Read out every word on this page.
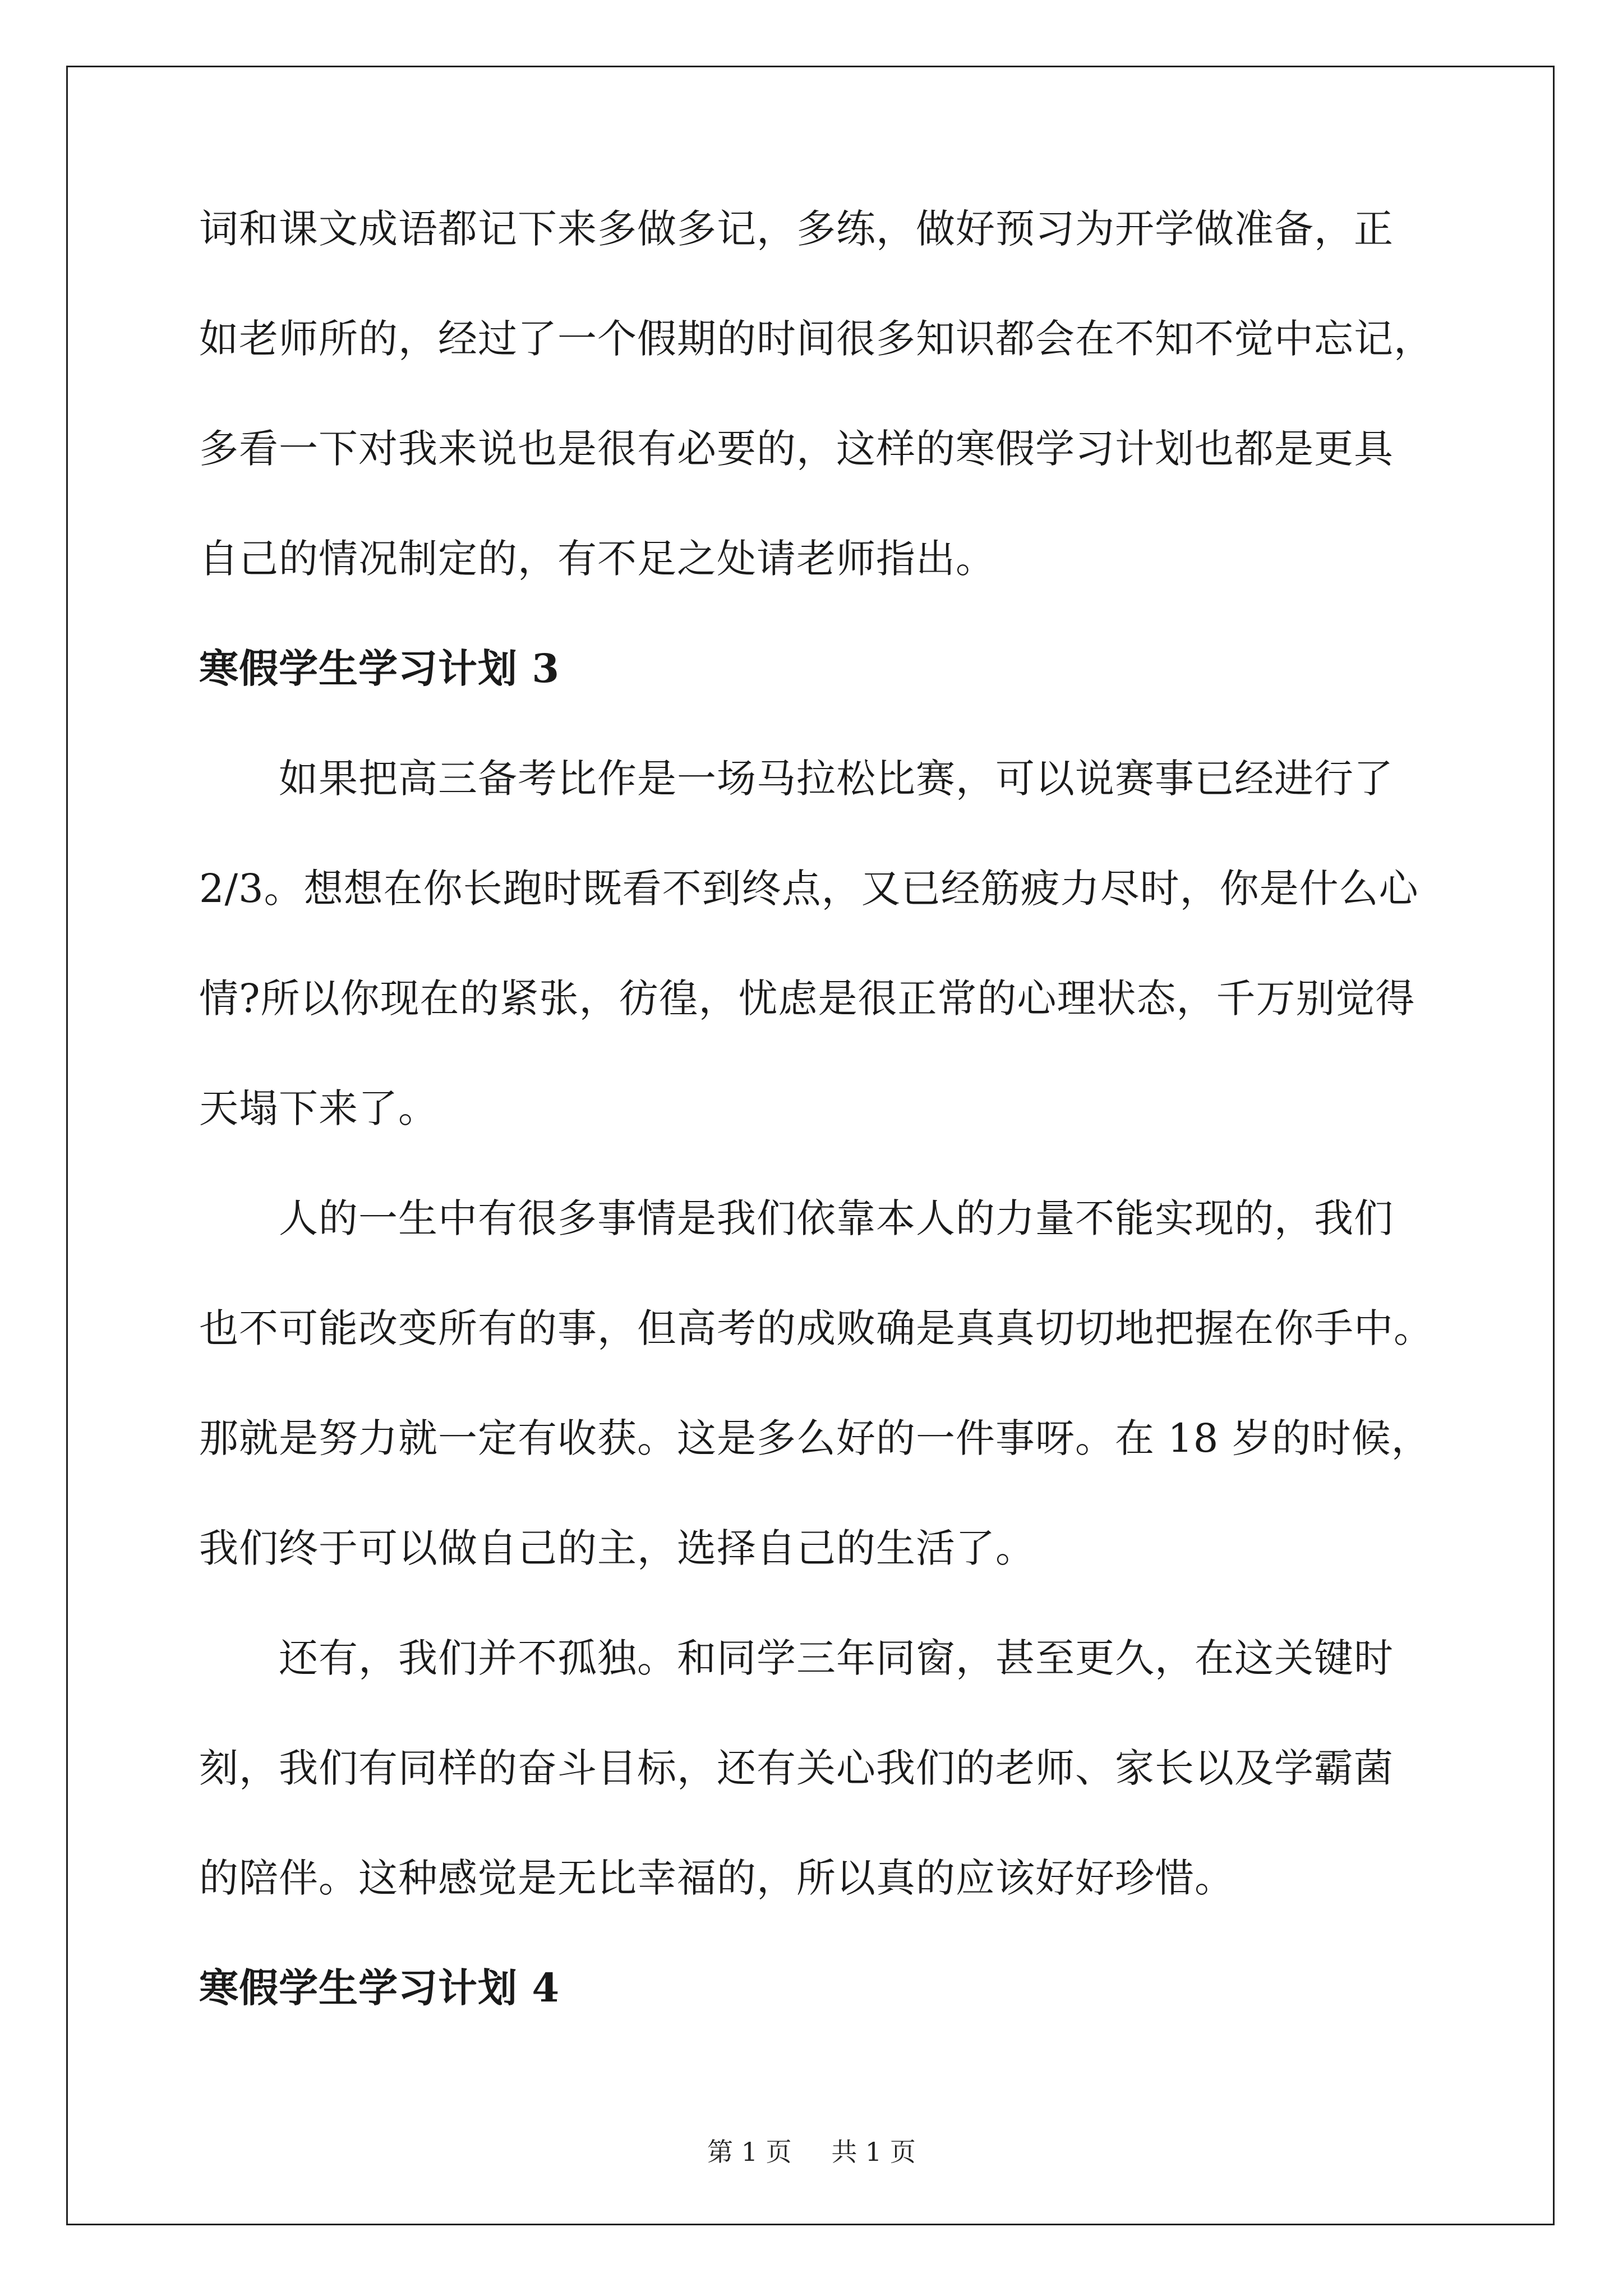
词和课文成语都记下来多做多记，多练，做好预习为开学做准备，正

如老师所的，经过了一个假期的时间很多知识都会在不知不觉中忘记，

多看一下对我来说也是很有必要的，这样的寒假学习计划也都是更具

自己的情况制定的，有不足之处请老师指出。

寒假学生学习计划 3

如果把高三备考比作是一场马拉松比赛，可以说赛事已经进行了

2/3。想想在你长跑时既看不到终点，又已经筋疲力尽时，你是什么心

情?所以你现在的紧张，彷徨，忧虑是很正常的心理状态，千万别觉得

天塌下来了。

人的一生中有很多事情是我们依靠本人的力量不能实现的，我们

也不可能改变所有的事，但高考的成败确是真真切切地把握在你手中。

那就是努力就一定有收获。这是多么好的一件事呀。在 18 岁的时候，

我们终于可以做自己的主，选择自己的生活了。

还有，我们并不孤独。和同学三年同窗，甚至更久，在这关键时

刻，我们有同样的奋斗目标，还有关心我们的老师、家长以及学霸菌

的陪伴。这种感觉是无比幸福的，所以真的应该好好珍惜。

寒假学生学习计划 4
第 1 页 共 1 页
